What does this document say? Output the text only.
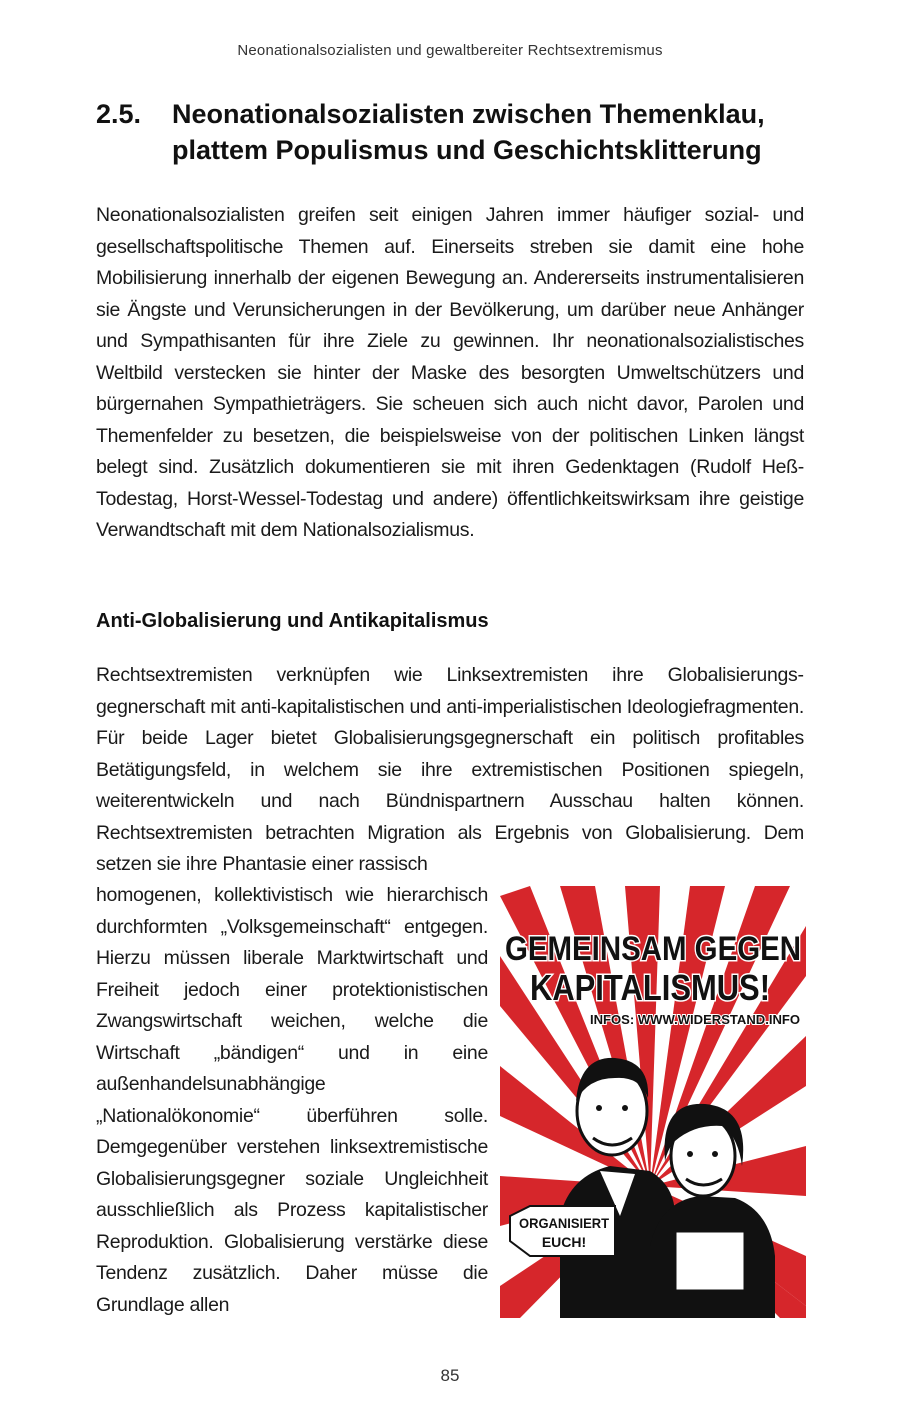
Neonationalsozialisten und gewaltbereiter Rechtsextremismus
2.5. Neonationalsozialisten zwischen Themenklau,
plattem Populismus und Geschichtsklitterung

Neonationalsozialisten greifen seit einigen Jahren immer häufiger sozial- und gesellschaftspolitische Themen auf. Einerseits streben sie damit eine hohe Mobilisierung innerhalb der eigenen Bewegung an. Andererseits instrumentalisieren sie Ängste und Verunsicherungen in der Bevölkerung, um darüber neue Anhänger und Sympathisanten für ihre Ziele zu gewinnen. Ihr neonationalsozialistisches Weltbild verstecken sie hinter der Maske des besorgten Umweltschützers und bürgernahen Sympathieträgers. Sie scheuen sich auch nicht davor, Parolen und Themenfelder zu besetzen, die beispielsweise von der politischen Linken längst belegt sind. Zusätzlich dokumentieren sie mit ihren Gedenktagen (Rudolf Heß-Todestag, Horst-Wessel-Todestag und andere) öffentlichkeitswirksam ihre geistige Verwandtschaft mit dem Nationalsozialismus.

Anti-Globalisierung und Antikapitalismus

Rechtsextremisten verknüpfen wie Linksextremisten ihre Globalisierungsgegnerschaft mit anti-kapitalistischen und anti-imperialistischen Ideologiefragmenten. Für beide Lager bietet Globalisierungsgegnerschaft ein politisch profitables Betätigungsfeld, in welchem sie ihre extremistischen Positionen spiegeln, weiterentwickeln und nach Bündnispartnern Ausschau halten können. Rechtsextremisten betrachten Migration als Ergebnis von Globalisierung. Dem setzen sie ihre Phantasie einer rassisch

homogenen, kollektivistisch wie hierarchisch durchformten „Volksgemeinschaft“ entgegen. Hierzu müssen liberale Marktwirtschaft und Freiheit jedoch einer protektionistischen Zwangswirtschaft weichen, welche die Wirtschaft „bändigen“ und in eine außenhandelsunabhängige „Nationalökonomie“ überführen solle. Demgegenüber verstehen linksextremistische Globalisierungsgegner soziale Ungleichheit ausschließlich als Prozess kapitalistischer Reproduktion. Globalisierung verstärke diese Tendenz zusätzlich. Daher müsse die Grundlage allen

GEMEINSAM GEGEN
KAPITALISMUS!
INFOS: WWW.WIDERSTAND.INFO
ORGANISIERT
EUCH!
85
